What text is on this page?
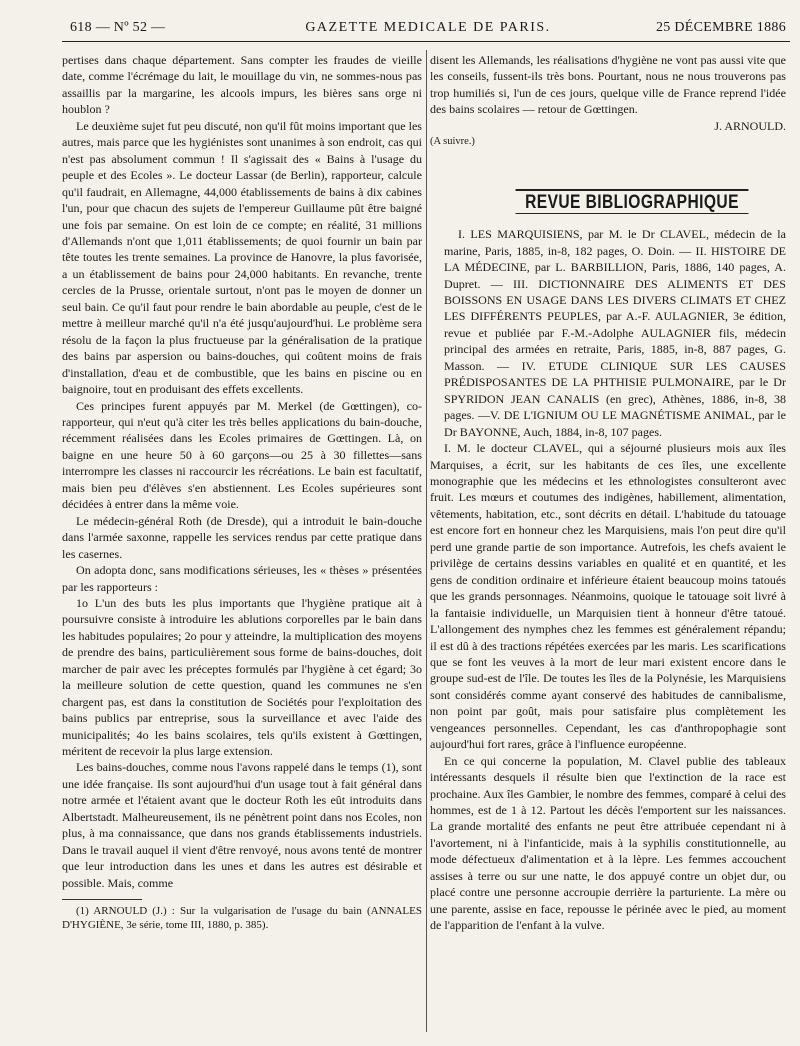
618 — Nº 52 —	GAZETTE MEDICALE DE PARIS.	25 DÉCEMBRE 1886

pertises dans chaque département. Sans compter les fraudes de vieille date, comme l'écrémage du lait, le mouillage du vin, ne sommes-nous pas assaillis par la margarine, les alcools impurs, les bières sans orge ni houblon ?

Le deuxième sujet fut peu discuté, non qu'il fût moins important que les autres, mais parce que les hygiénistes sont unanimes à son endroit, cas qui n'est pas absolument commun ! Il s'agissait des « Bains à l'usage du peuple et des Ecoles ». Le docteur Lassar (de Berlin), rapporteur, calcule qu'il faudrait, en Allemagne, 44,000 établissements de bains à dix cabines l'un, pour que chacun des sujets de l'empereur Guillaume pût être baigné une fois par semaine. On est loin de ce compte; en réalité, 31 millions d'Allemands n'ont que 1,011 établissements; de quoi fournir un bain par tête toutes les trente semaines. La province de Hanovre, la plus favorisée, a un établissement de bains pour 24,000 habitants. En revanche, trente cercles de la Prusse, orientale surtout, n'ont pas le moyen de donner un seul bain. Ce qu'il faut pour rendre le bain abordable au peuple, c'est de le mettre à meilleur marché qu'il n'a été jusqu'aujourd'hui. Le problème sera résolu de la façon la plus fructueuse par la généralisation de la pratique des bains par aspersion ou bains-douches, qui coûtent moins de frais d'installation, d'eau et de combustible, que les bains en piscine ou en baignoire, tout en produisant des effets excellents.

Ces principes furent appuyés par M. Merkel (de Gœttingen), co-rapporteur, qui n'eut qu'à citer les très belles applications du bain-douche, récemment réalisées dans les Ecoles primaires de Gœttingen. Là, on baigne en une heure 50 à 60 garçons—ou 25 à 30 fillettes—sans interrompre les classes ni raccourcir les récréations. Le bain est facultatif, mais bien peu d'élèves s'en abstiennent. Les Ecoles supérieures sont décidées à entrer dans la même voie.

Le médecin-général Roth (de Dresde), qui a introduit le bain-douche dans l'armée saxonne, rappelle les services rendus par cette pratique dans les casernes.

On adopta donc, sans modifications sérieuses, les « thèses » présentées par les rapporteurs :

1o L'un des buts les plus importants que l'hygiène pratique ait à poursuivre consiste à introduire les ablutions corporelles par le bain dans les habitudes populaires; 2o pour y atteindre, la multiplication des moyens de prendre des bains, particulièrement sous forme de bains-douches, doit marcher de pair avec les préceptes formulés par l'hygiène à cet égard; 3o la meilleure solution de cette question, quand les communes ne s'en chargent pas, est dans la constitution de Sociétés pour l'exploitation des bains publics par entreprise, sous la surveillance et avec l'aide des municipalités; 4o les bains scolaires, tels qu'ils existent à Gœttingen, méritent de recevoir la plus large extension.

Les bains-douches, comme nous l'avons rappelé dans le temps (1), sont une idée française. Ils sont aujourd'hui d'un usage tout à fait général dans notre armée et l'étaient avant que le docteur Roth les eût introduits dans Albertstadt. Malheureusement, ils ne pénètrent point dans nos Ecoles, non plus, à ma connaissance, que dans nos grands établissements industriels. Dans le travail auquel il vient d'être renvoyé, nous avons tenté de montrer que leur introduction dans les unes et dans les autres est désirable et possible. Mais, comme

(1) ARNOULD (J.) : Sur la vulgarisation de l'usage du bain (ANNALES D'HYGIÈNE, 3e série, tome III, 1880, p. 385).

disent les Allemands, les réalisations d'hygiène ne vont pas aussi vite que les conseils, fussent-ils très bons. Pourtant, nous ne nous trouverons pas trop humiliés si, l'un de ces jours, quelque ville de France reprend l'idée des bains scolaires — retour de Gœttingen.

J. ARNOULD.

(A suivre.)

REVUE BIBLIOGRAPHIQUE

I. LES MARQUISIENS, par M. le Dr CLAVEL, médecin de la marine, Paris, 1885, in-8, 182 pages, O. Doin. — II. HISTOIRE DE LA MÉDECINE, par L. BARBILLION, Paris, 1886, 140 pages, A. Dupret. — III. DICTIONNAIRE DES ALIMENTS ET DES BOISSONS EN USAGE DANS LES DIVERS CLIMATS ET CHEZ LES DIFFÉRENTS PEUPLES, par A.-F. AULAGNIER, 3e édition, revue et publiée par F.-M.-Adolphe AULAGNIER fils, médecin principal des armées en retraite, Paris, 1885, in-8, 887 pages, G. Masson. — IV. ETUDE CLINIQUE SUR LES CAUSES PRÉDISPOSANTES DE LA PHTHISIE PULMONAIRE, par le Dr SPYRIDON JEAN CANALIS (en grec), Athènes, 1886, in-8, 38 pages. —V. DE L'IGNIUM OU LE MAGNÉTISME ANIMAL, par le Dr BAYONNE, Auch, 1884, in-8, 107 pages.

I. M. le docteur CLAVEL, qui a séjourné plusieurs mois aux îles Marquises, a écrit, sur les habitants de ces îles, une excellente monographie que les médecins et les ethnologistes consulteront avec fruit. Les mœurs et coutumes des indigènes, habillement, alimentation, vêtements, habitation, etc., sont décrits en détail. L'habitude du tatouage est encore fort en honneur chez les Marquisiens, mais l'on peut dire qu'il perd une grande partie de son importance. Autrefois, les chefs avaient le privilège de certains dessins variables en qualité et en quantité, et les gens de condition ordinaire et inférieure étaient beaucoup moins tatoués que les grands personnages. Néanmoins, quoique le tatouage soit livré à la fantaisie individuelle, un Marquisien tient à honneur d'être tatoué. L'allongement des nymphes chez les femmes est généralement répandu; il est dû à des tractions répétées exercées par les maris. Les scarifications que se font les veuves à la mort de leur mari existent encore dans le groupe sud-est de l'île. De toutes les îles de la Polynésie, les Marquisiens sont considérés comme ayant conservé des habitudes de cannibalisme, non point par goût, mais pour satisfaire plus complètement les vengeances personnelles. Cependant, les cas d'anthropophagie sont aujourd'hui fort rares, grâce à l'influence européenne.

En ce qui concerne la population, M. Clavel publie des tableaux intéressants desquels il résulte bien que l'extinction de la race est prochaine. Aux îles Gambier, le nombre des femmes, comparé à celui des hommes, est de 1 à 12. Partout les décès l'emportent sur les naissances. La grande mortalité des enfants ne peut être attribuée cependant ni à l'avortement, ni à l'infanticide, mais à la syphilis constitutionnelle, au mode défectueux d'alimentation et à la lèpre. Les femmes accouchent assises à terre ou sur une natte, le dos appuyé contre un objet dur, ou placé contre une personne accroupie derrière la parturiente. La mère ou une parente, assise en face, repousse le périnée avec le pied, au moment de l'apparition de l'enfant à la vulve.
